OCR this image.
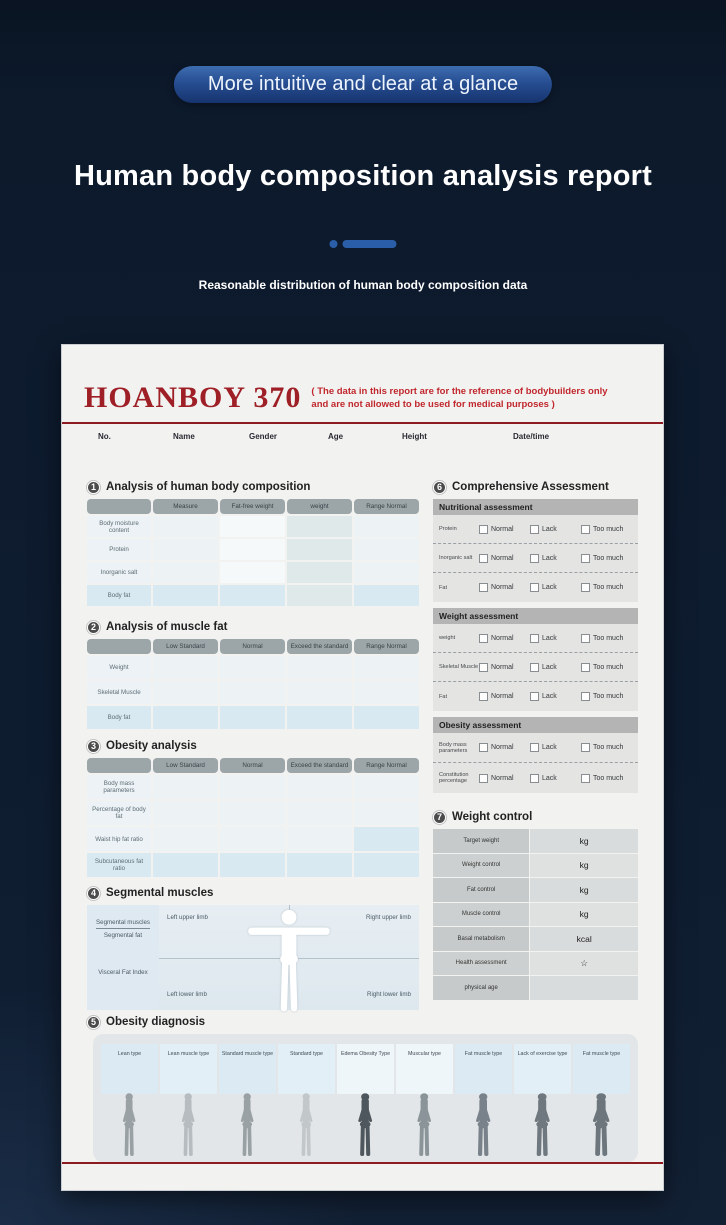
More intuitive and clear at a glance
Human body composition analysis report
Reasonable distribution of human body composition data
HOANBOY 370 ( The data in this report are for the reference of bodybuilders only
and are not allowed to be used for medical purposes )
No.	Name	Gender	Age	Height	Date/time
1 Analysis of human body composition
Measure	Fat-free weight	weight	Range Normal
Body moisture content
Protein
Inorganic salt
Body fat
2 Analysis of muscle fat
Low Standard	Normal	Exceed the standard	Range Normal
Weight
Skeletal Muscle
Body fat
3 Obesity analysis
Low Standard	Normal	Exceed the standard	Range Normal
Body mass parameters
Percentage of body fat
Waist hip fat ratio
Subcutaneous fat ratio
4 Segmental muscles
Segmental muscles
Segmental fat
Visceral Fat Index
Left upper limb	Right upper limb
Left lower limb	Right lower limb
6 Comprehensive Assessment
Nutritional assessment
Protein	Normal	Lack	Too much
Inorganic salt	Normal	Lack	Too much
Fat	Normal	Lack	Too much
Weight assessment
weight	Normal	Lack	Too much
Skeletal Muscle Normal	Lack	Too much
Fat	Normal	Lack	Too much
Obesity assessment
Body mass parameters	Normal	Lack	Too much
Constitution percentage	Normal	Lack	Too much
7 Weight control
Target weight	kg
Weight control	kg
Fat control	kg
Muscle control	kg
Basal metabolism	kcal
Health assessment	☆
physical age
5 Obesity diagnosis
Lean type	Lean muscle type	Standard muscle type	Standard type	Edema Obesity Type	Muscular type	Fat muscle type	Lack of exercise type	Fat muscle type
